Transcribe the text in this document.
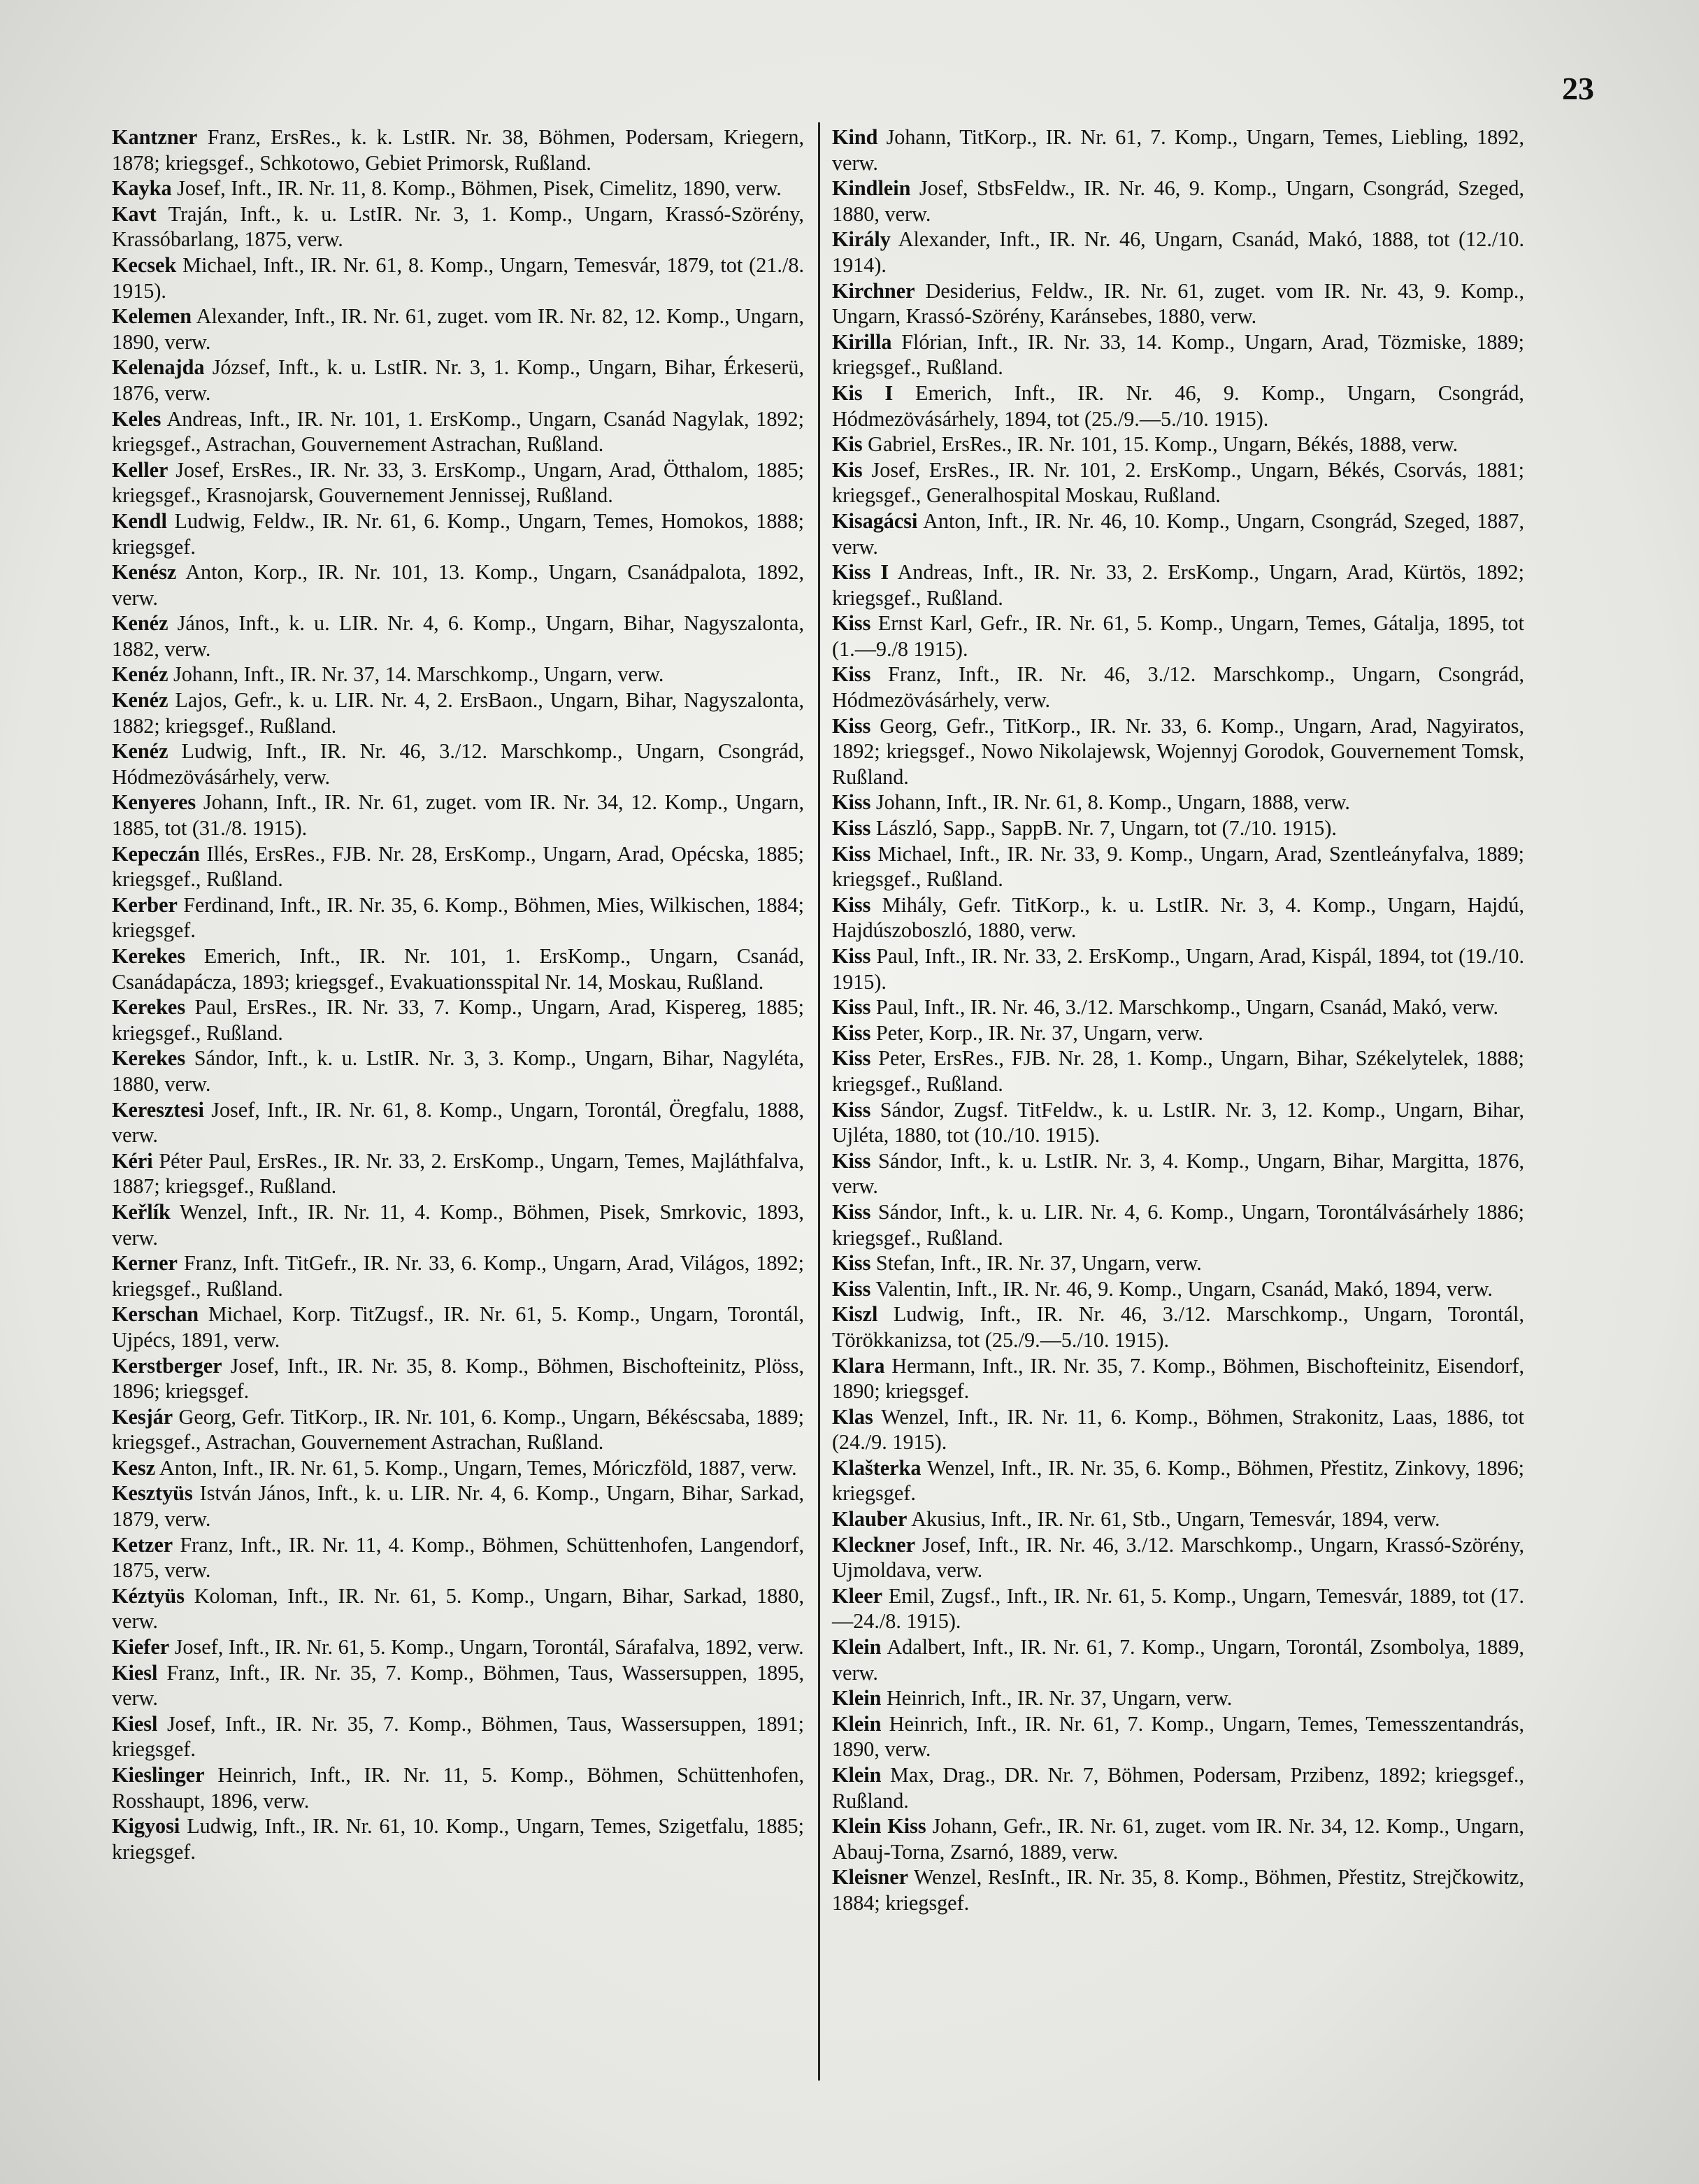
23

Kantzner Franz, ErsRes., k. k. LstIR. Nr. 38, Böhmen, Podersam, Kriegern, 1878; kriegsgef., Schkotowo, Gebiet Primorsk, Rußland.

Kayka Josef, Inft., IR. Nr. 11, 8. Komp., Böhmen, Pisek, Cimelitz, 1890, verw.

Kavt Traján, Inft., k. u. LstIR. Nr. 3, 1. Komp., Ungarn, Krassó-Szörény, Krassóbarlang, 1875, verw.

Kecsek Michael, Inft., IR. Nr. 61, 8. Komp., Ungarn, Temesvár, 1879, tot (21./8. 1915).

Kelemen Alexander, Inft., IR. Nr. 61, zuget. vom IR. Nr. 82, 12. Komp., Ungarn, 1890, verw.

Kelenajda József, Inft., k. u. LstIR. Nr. 3, 1. Komp., Ungarn, Bihar, Érkeserü, 1876, verw.

Keles Andreas, Inft., IR. Nr. 101, 1. ErsKomp., Ungarn, Csanád Nagylak, 1892; kriegsgef., Astrachan, Gouvernement Astrachan, Rußland.

Keller Josef, ErsRes., IR. Nr. 33, 3. ErsKomp., Ungarn, Arad, Ötthalom, 1885; kriegsgef., Krasnojarsk, Gouvernement Jennissej, Rußland.

Kendl Ludwig, Feldw., IR. Nr. 61, 6. Komp., Ungarn, Temes, Homokos, 1888; kriegsgef.

Kenész Anton, Korp., IR. Nr. 101, 13. Komp., Ungarn, Csanádpalota, 1892, verw.

Kenéz János, Inft., k. u. LIR. Nr. 4, 6. Komp., Ungarn, Bihar, Nagyszalonta, 1882, verw.

Kenéz Johann, Inft., IR. Nr. 37, 14. Marschkomp., Ungarn, verw.

Kenéz Lajos, Gefr., k. u. LIR. Nr. 4, 2. ErsBaon., Ungarn, Bihar, Nagyszalonta, 1882; kriegsgef., Rußland.

Kenéz Ludwig, Inft., IR. Nr. 46, 3./12. Marschkomp., Ungarn, Csongrád, Hódmezövásárhely, verw.

Kenyeres Johann, Inft., IR. Nr. 61, zuget. vom IR. Nr. 34, 12. Komp., Ungarn, 1885, tot (31./8. 1915).

Kepeczán Illés, ErsRes., FJB. Nr. 28, ErsKomp., Ungarn, Arad, Opécska, 1885; kriegsgef., Rußland.

Kerber Ferdinand, Inft., IR. Nr. 35, 6. Komp., Böhmen, Mies, Wilkischen, 1884; kriegsgef.

Kerekes Emerich, Inft., IR. Nr. 101, 1. ErsKomp., Ungarn, Csanád, Csanádapácza, 1893; kriegsgef., Evakuationsspital Nr. 14, Moskau, Rußland.

Kerekes Paul, ErsRes., IR. Nr. 33, 7. Komp., Ungarn, Arad, Kispereg, 1885; kriegsgef., Rußland.

Kerekes Sándor, Inft., k. u. LstIR. Nr. 3, 3. Komp., Ungarn, Bihar, Nagyléta, 1880, verw.

Keresztesi Josef, Inft., IR. Nr. 61, 8. Komp., Ungarn, Torontál, Öregfalu, 1888, verw.

Kéri Péter Paul, ErsRes., IR. Nr. 33, 2. ErsKomp., Ungarn, Temes, Majláthfalva, 1887; kriegsgef., Rußland.

Keřlík Wenzel, Inft., IR. Nr. 11, 4. Komp., Böhmen, Pisek, Smrkovic, 1893, verw.

Kerner Franz, Inft. TitGefr., IR. Nr. 33, 6. Komp., Ungarn, Arad, Világos, 1892; kriegsgef., Rußland.

Kerschan Michael, Korp. TitZugsf., IR. Nr. 61, 5. Komp., Ungarn, Torontál, Ujpécs, 1891, verw.

Kerstberger Josef, Inft., IR. Nr. 35, 8. Komp., Böhmen, Bischofteinitz, Plöss, 1896; kriegsgef.

Kesjár Georg, Gefr. TitKorp., IR. Nr. 101, 6. Komp., Ungarn, Békéscsaba, 1889; kriegsgef., Astrachan, Gouvernement Astrachan, Rußland.

Kesz Anton, Inft., IR. Nr. 61, 5. Komp., Ungarn, Temes, Móriczföld, 1887, verw.

Kesztyüs István János, Inft., k. u. LIR. Nr. 4, 6. Komp., Ungarn, Bihar, Sarkad, 1879, verw.

Ketzer Franz, Inft., IR. Nr. 11, 4. Komp., Böhmen, Schüttenhofen, Langendorf, 1875, verw.

Kéztyüs Koloman, Inft., IR. Nr. 61, 5. Komp., Ungarn, Bihar, Sarkad, 1880, verw.

Kiefer Josef, Inft., IR. Nr. 61, 5. Komp., Ungarn, Torontál, Sárafalva, 1892, verw.

Kiesl Franz, Inft., IR. Nr. 35, 7. Komp., Böhmen, Taus, Wassersuppen, 1895, verw.

Kiesl Josef, Inft., IR. Nr. 35, 7. Komp., Böhmen, Taus, Wassersuppen, 1891; kriegsgef.

Kieslinger Heinrich, Inft., IR. Nr. 11, 5. Komp., Böhmen, Schüttenhofen, Rosshaupt, 1896, verw.

Kigyosi Ludwig, Inft., IR. Nr. 61, 10. Komp., Ungarn, Temes, Szigetfalu, 1885; kriegsgef.

Kind Johann, TitKorp., IR. Nr. 61, 7. Komp., Ungarn, Temes, Liebling, 1892, verw.

Kindlein Josef, StbsFeldw., IR. Nr. 46, 9. Komp., Ungarn, Csongrád, Szeged, 1880, verw.

Király Alexander, Inft., IR. Nr. 46, Ungarn, Csanád, Makó, 1888, tot (12./10. 1914).

Kirchner Desiderius, Feldw., IR. Nr. 61, zuget. vom IR. Nr. 43, 9. Komp., Ungarn, Krassó-Szörény, Karánsebes, 1880, verw.

Kirilla Flórian, Inft., IR. Nr. 33, 14. Komp., Ungarn, Arad, Tözmiske, 1889; kriegsgef., Rußland.

Kis I Emerich, Inft., IR. Nr. 46, 9. Komp., Ungarn, Csongrád, Hódmezövásárhely, 1894, tot (25./9.—5./10. 1915).

Kis Gabriel, ErsRes., IR. Nr. 101, 15. Komp., Ungarn, Békés, 1888, verw.

Kis Josef, ErsRes., IR. Nr. 101, 2. ErsKomp., Ungarn, Békés, Csorvás, 1881; kriegsgef., Generalhospital Moskau, Rußland.

Kisagácsi Anton, Inft., IR. Nr. 46, 10. Komp., Ungarn, Csongrád, Szeged, 1887, verw.

Kiss I Andreas, Inft., IR. Nr. 33, 2. ErsKomp., Ungarn, Arad, Kürtös, 1892; kriegsgef., Rußland.

Kiss Ernst Karl, Gefr., IR. Nr. 61, 5. Komp., Ungarn, Temes, Gátalja, 1895, tot (1.—9./8 1915).

Kiss Franz, Inft., IR. Nr. 46, 3./12. Marschkomp., Ungarn, Csongrád, Hódmezövásárhely, verw.

Kiss Georg, Gefr., TitKorp., IR. Nr. 33, 6. Komp., Ungarn, Arad, Nagyiratos, 1892; kriegsgef., Nowo Nikolajewsk, Wojennyj Gorodok, Gouvernement Tomsk, Rußland.

Kiss Johann, Inft., IR. Nr. 61, 8. Komp., Ungarn, 1888, verw.

Kiss László, Sapp., SappB. Nr. 7, Ungarn, tot (7./10. 1915).

Kiss Michael, Inft., IR. Nr. 33, 9. Komp., Ungarn, Arad, Szentleányfalva, 1889; kriegsgef., Rußland.

Kiss Mihály, Gefr. TitKorp., k. u. LstIR. Nr. 3, 4. Komp., Ungarn, Hajdú, Hajdúszoboszló, 1880, verw.

Kiss Paul, Inft., IR. Nr. 33, 2. ErsKomp., Ungarn, Arad, Kispál, 1894, tot (19./10. 1915).

Kiss Paul, Inft., IR. Nr. 46, 3./12. Marschkomp., Ungarn, Csanád, Makó, verw.

Kiss Peter, Korp., IR. Nr. 37, Ungarn, verw.

Kiss Peter, ErsRes., FJB. Nr. 28, 1. Komp., Ungarn, Bihar, Székelytelek, 1888; kriegsgef., Rußland.

Kiss Sándor, Zugsf. TitFeldw., k. u. LstIR. Nr. 3, 12. Komp., Ungarn, Bihar, Ujléta, 1880, tot (10./10. 1915).

Kiss Sándor, Inft., k. u. LstIR. Nr. 3, 4. Komp., Ungarn, Bihar, Margitta, 1876, verw.

Kiss Sándor, Inft., k. u. LIR. Nr. 4, 6. Komp., Ungarn, Torontálvásárhely 1886; kriegsgef., Rußland.

Kiss Stefan, Inft., IR. Nr. 37, Ungarn, verw.

Kiss Valentin, Inft., IR. Nr. 46, 9. Komp., Ungarn, Csanád, Makó, 1894, verw.

Kiszl Ludwig, Inft., IR. Nr. 46, 3./12. Marschkomp., Ungarn, Torontál, Törökkanizsa, tot (25./9.—5./10. 1915).

Klara Hermann, Inft., IR. Nr. 35, 7. Komp., Böhmen, Bischofteinitz, Eisendorf, 1890; kriegsgef.

Klas Wenzel, Inft., IR. Nr. 11, 6. Komp., Böhmen, Strakonitz, Laas, 1886, tot (24./9. 1915).

Klašterka Wenzel, Inft., IR. Nr. 35, 6. Komp., Böhmen, Přestitz, Zinkovy, 1896; kriegsgef.

Klauber Akusius, Inft., IR. Nr. 61, Stb., Ungarn, Temesvár, 1894, verw.

Kleckner Josef, Inft., IR. Nr. 46, 3./12. Marschkomp., Ungarn, Krassó-Szörény, Ujmoldava, verw.

Kleer Emil, Zugsf., Inft., IR. Nr. 61, 5. Komp., Ungarn, Temesvár, 1889, tot (17.—24./8. 1915).

Klein Adalbert, Inft., IR. Nr. 61, 7. Komp., Ungarn, Torontál, Zsombolya, 1889, verw.

Klein Heinrich, Inft., IR. Nr. 37, Ungarn, verw.

Klein Heinrich, Inft., IR. Nr. 61, 7. Komp., Ungarn, Temes, Temesszentandrás, 1890, verw.

Klein Max, Drag., DR. Nr. 7, Böhmen, Podersam, Przibenz, 1892; kriegsgef., Rußland.

Klein Kiss Johann, Gefr., IR. Nr. 61, zuget. vom IR. Nr. 34, 12. Komp., Ungarn, Abauj-Torna, Zsarnó, 1889, verw.

Kleisner Wenzel, ResInft., IR. Nr. 35, 8. Komp., Böhmen, Přestitz, Strejčkowitz, 1884; kriegsgef.
